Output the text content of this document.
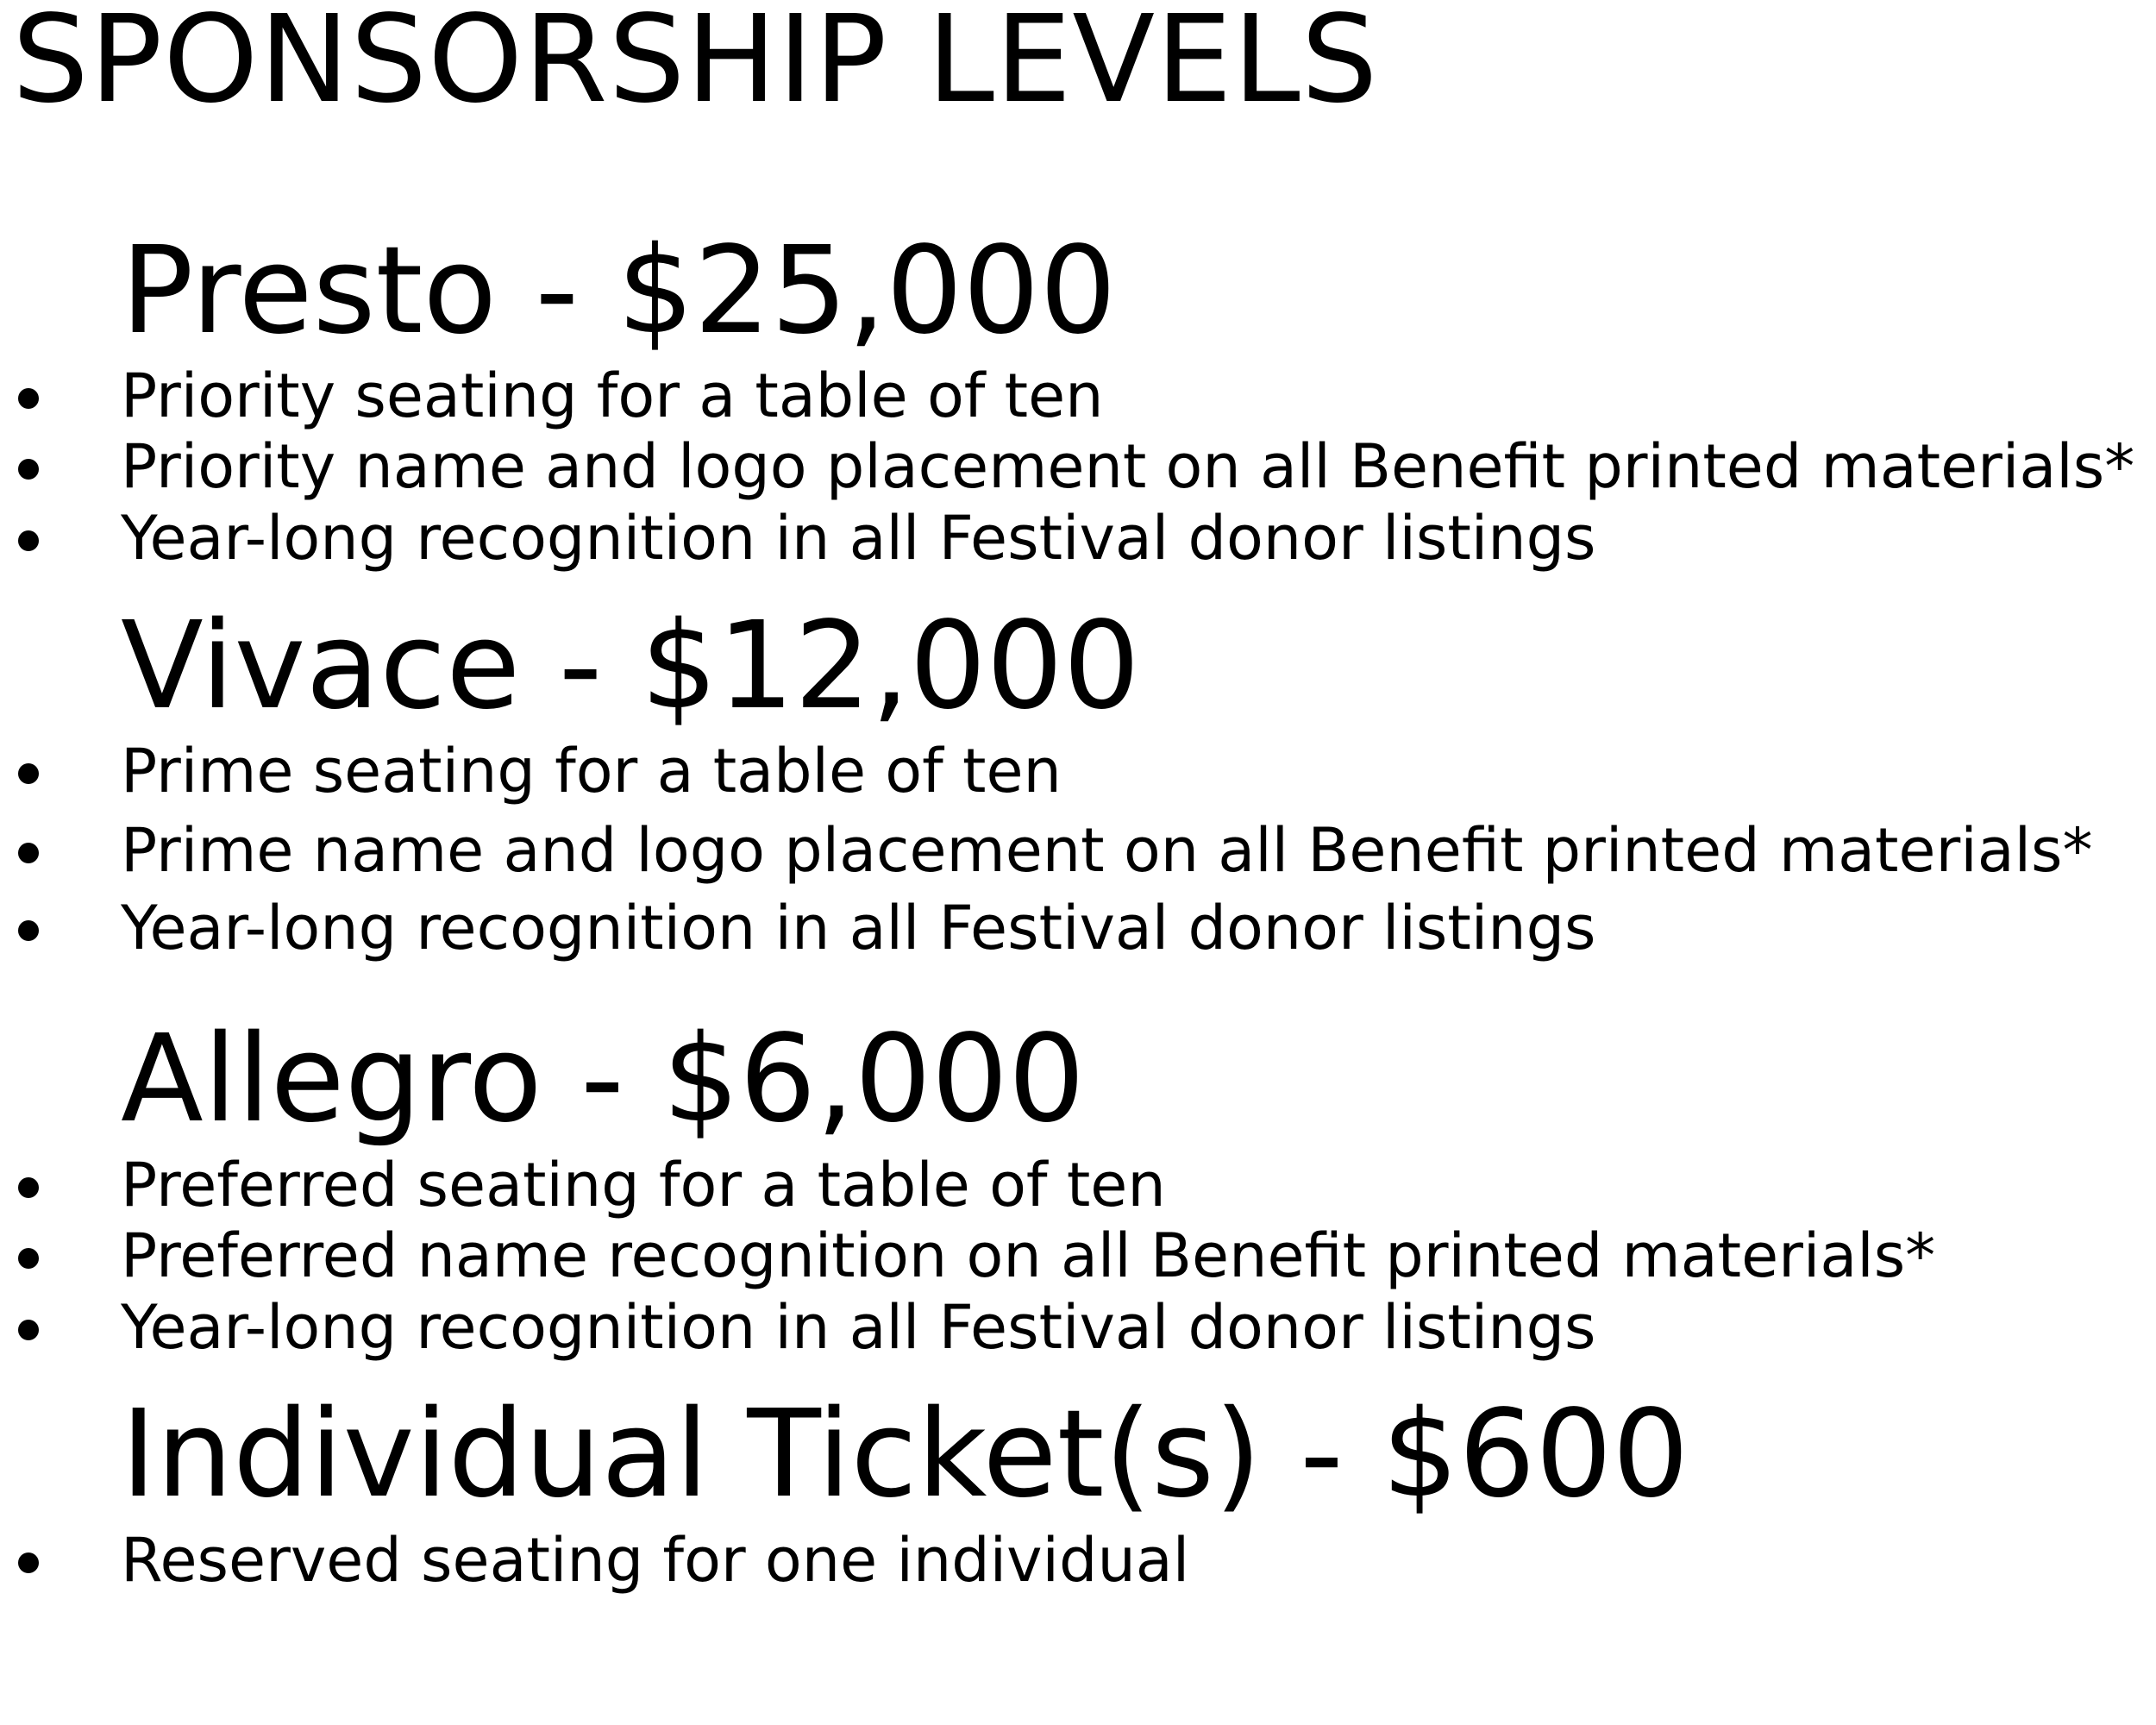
SPONSORSHIP LEVELS
Presto - $25,000
Priority seating for a table of ten
Priority name and logo placement on all Benefit printed materials*
Year-long recognition in all Festival donor listings
Vivace - $12,000
Prime seating for a table of ten
Prime name and logo placement on all Benefit printed materials*
Year-long recognition in all Festival donor listings
Allegro - $6,000
Preferred seating for a table of ten
Preferred name recognition on all Benefit printed materials*
Year-long recognition in all Festival donor listings
Individual Ticket(s) - $600
Reserved seating for one individual
